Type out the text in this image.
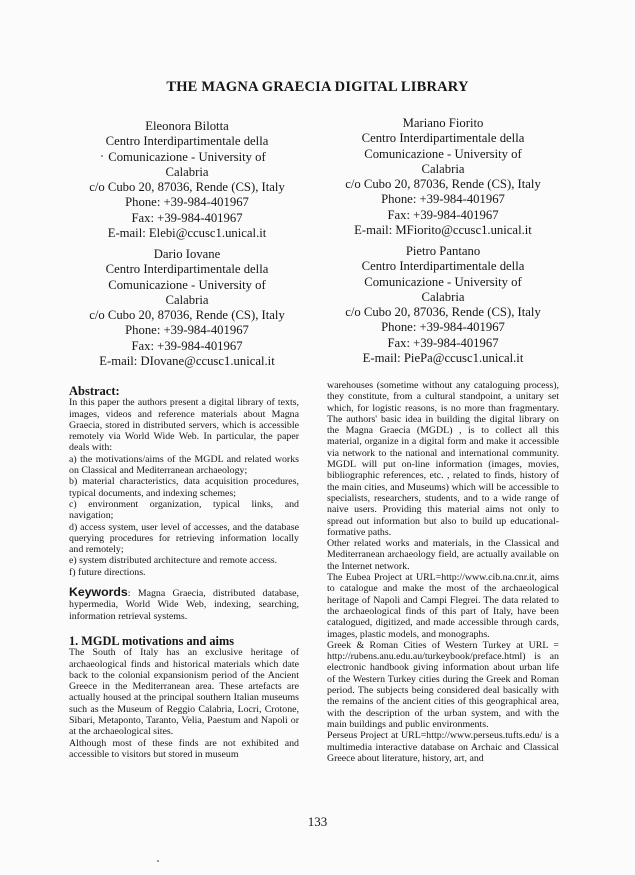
THE MAGNA GRAECIA DIGITAL LIBRARY
Eleonora Bilotta
Centro Interdipartimentale della
Comunicazione - University of
Calabria
c/o Cubo 20, 87036, Rende (CS), Italy
Phone: +39-984-401967
Fax: +39-984-401967
E-mail: Elebi@ccusc1.unical.it
Mariano Fiorito
Centro Interdipartimentale della
Comunicazione - University of
Calabria
c/o Cubo 20, 87036, Rende (CS), Italy
Phone: +39-984-401967
Fax: +39-984-401967
E-mail: MFiorito@ccusc1.unical.it
Dario Iovane
Centro Interdipartimentale della
Comunicazione - University of
Calabria
c/o Cubo 20, 87036, Rende (CS), Italy
Phone: +39-984-401967
Fax: +39-984-401967
E-mail: DIovane@ccusc1.unical.it
Pietro Pantano
Centro Interdipartimentale della
Comunicazione - University of
Calabria
c/o Cubo 20, 87036, Rende (CS), Italy
Phone: +39-984-401967
Fax: +39-984-401967
E-mail: PiePa@ccusc1.unical.it

Abstract:

In this paper the authors present a digital library of texts, images, videos and reference materials about Magna Graecia, stored in distributed servers, which is accessible remotely via World Wide Web. In particular, the paper deals with:

a) the motivations/aims of the MGDL and related works on Classical and Mediterranean archaeology;

b) material characteristics, data acquisition procedures, typical documents, and indexing schemes;

c) environment organization, typical links, and navigation;

d) access system, user level of accesses, and the database querying procedures for retrieving information locally and remotely;

e) system distributed architecture and remote access.

f) future directions.

Keywords: Magna Graecia, distributed database, hypermedia, World Wide Web, indexing, searching, information retrieval systems.

1. MGDL motivations and aims

The South of Italy has an exclusive heritage of archaeological finds and historical materials which date back to the colonial expansionism period of the Ancient Greece in the Mediterranean area. These artefacts are actually housed at the principal southern Italian museums such as the Museum of Reggio Calabria, Locri, Crotone, Sibari, Metaponto, Taranto, Velia, Paestum and Napoli or at the archaeological sites.

Although most of these finds are not exhibited and accessible to visitors but stored in museum

warehouses (sometime without any cataloguing process), they constitute, from a cultural standpoint, a unitary set which, for logistic reasons, is no more than fragmentary. The authors' basic idea in building the digital library on the Magna Graecia (MGDL) , is to collect all this material, organize in a digital form and make it accessible via network to the national and international community. MGDL will put on-line information (images, movies, bibliographic references, etc. , related to finds, history of the main cities, and Museums) which will be accessible to specialists, researchers, students, and to a wide range of naive users. Providing this material aims not only to spread out information but also to build up educational-formative paths.

Other related works and materials, in the Classical and Mediterranean archaeology field, are actually available on the Internet network.

The Eubea Project at URL=http://www.cib.na.cnr.it, aims to catalogue and make the most of the archaeological heritage of Napoli and Campi Flegrei. The data related to the archaeological finds of this part of Italy, have been catalogued, digitized, and made accessible through cards, images, plastic models, and monographs.

Greek & Roman Cities of Western Turkey at URL = http://rubens.anu.edu.au/turkeybook/preface.html) is an electronic handbook giving information about urban life of the Western Turkey cities during the Greek and Roman period. The subjects being considered deal basically with the remains of the ancient cities of this geographical area, with the description of the urban system, and with the main buildings and public environments.

Perseus Project at URL=http://www.perseus.tufts.edu/ is a multimedia interactive database on Archaic and Classical Greece about literature, history, art, and

133
